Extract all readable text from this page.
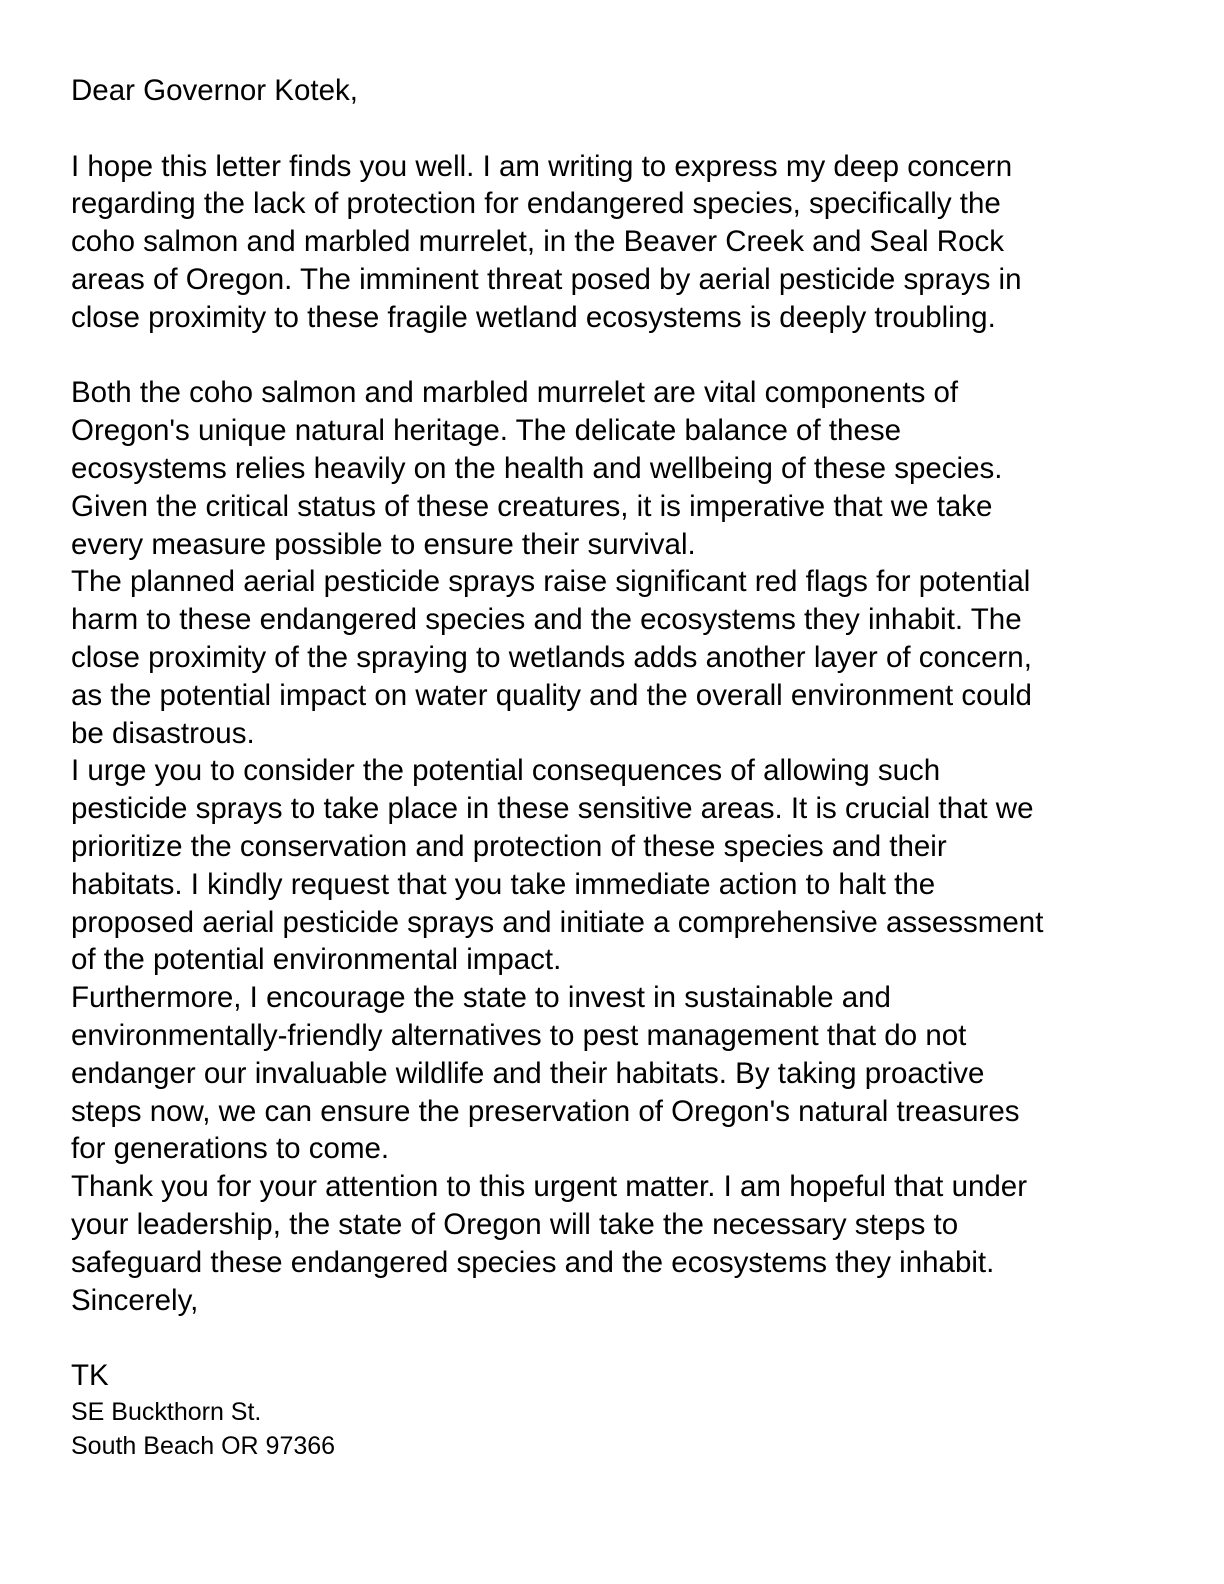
Dear Governor Kotek,
I hope this letter finds you well. I am writing to express my deep concern
regarding the lack of protection for endangered species, specifically the
coho salmon and marbled murrelet, in the Beaver Creek and Seal Rock
areas of Oregon. The imminent threat posed by aerial pesticide sprays in
close proximity to these fragile wetland ecosystems is deeply troubling.
Both the coho salmon and marbled murrelet are vital components of
Oregon's unique natural heritage. The delicate balance of these
ecosystems relies heavily on the health and wellbeing of these species.
Given the critical status of these creatures, it is imperative that we take
every measure possible to ensure their survival.
The planned aerial pesticide sprays raise significant red flags for potential
harm to these endangered species and the ecosystems they inhabit. The
close proximity of the spraying to wetlands adds another layer of concern,
as the potential impact on water quality and the overall environment could
be disastrous.
I urge you to consider the potential consequences of allowing such
pesticide sprays to take place in these sensitive areas. It is crucial that we
prioritize the conservation and protection of these species and their
habitats. I kindly request that you take immediate action to halt the
proposed aerial pesticide sprays and initiate a comprehensive assessment
of the potential environmental impact.
Furthermore, I encourage the state to invest in sustainable and
environmentally-friendly alternatives to pest management that do not
endanger our invaluable wildlife and their habitats. By taking proactive
steps now, we can ensure the preservation of Oregon's natural treasures
for generations to come.
Thank you for your attention to this urgent matter. I am hopeful that under
your leadership, the state of Oregon will take the necessary steps to
safeguard these endangered species and the ecosystems they inhabit.
Sincerely,
TK
SE Buckthorn St.
South Beach OR 97366
